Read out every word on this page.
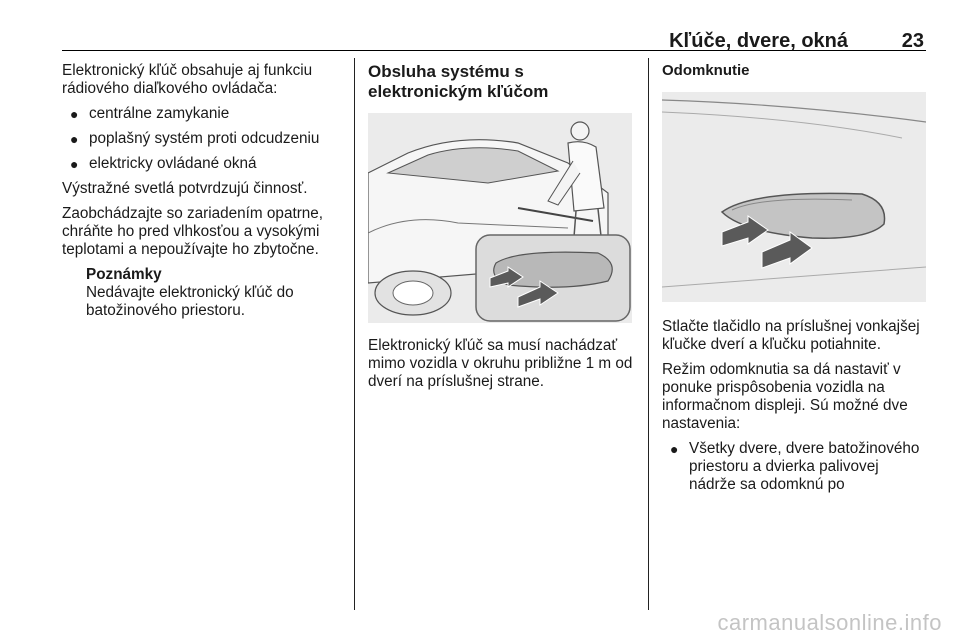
Kľúče, dvere, okná	23

Elektronický kľúč obsahuje aj funkciu rádiového diaľkového ovládača:

● centrálne zamykanie
● poplašný systém proti odcudzeniu
● elektricky ovládané okná

Výstražné svetlá potvrdzujú činnosť.

Zaobchádzajte so zariadením opatrne, chráňte ho pred vlhkosťou a vysokými teplotami a nepoužívajte ho zbytočne.

Poznámky
Nedávajte elektronický kľúč do batožinového priestoru.
Obsluha systému s elektronickým kľúčom

Elektronický kľúč sa musí nachádzať mimo vozidla v okruhu približne 1 m od dverí na príslušnej strane.

Odomknutie

Stlačte tlačidlo na príslušnej vonkajšej kľučke dverí a kľučku potiahnite.

Režim odomknutia sa dá nastaviť v ponuke prispôsobenia vozidla na informačnom displeji. Sú možné dve nastavenia:

● Všetky dvere, dvere batožinového priestoru a dvierka palivovej nádrže sa odomknú po
carmanualsonline.info
